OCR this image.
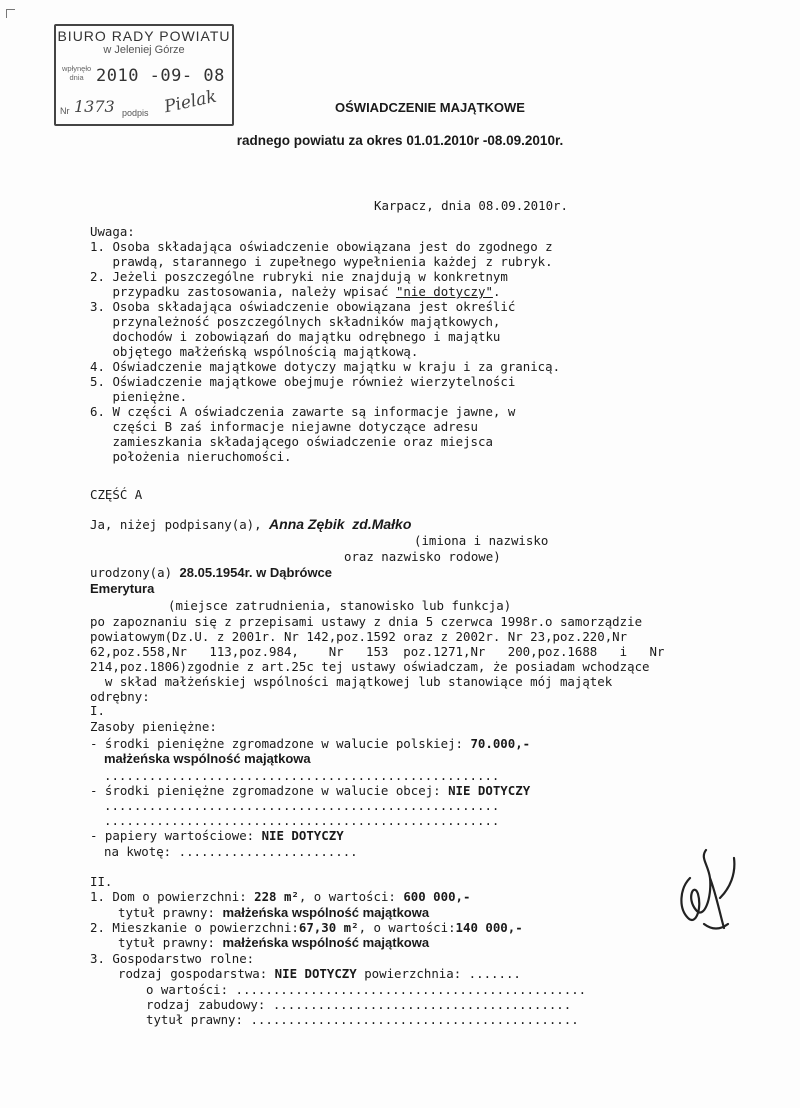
BIURO RADY POWIATU
w Jeleniej Górze
wpłynęło
dnia 2010 -09- 08
Nr 1373 podpis Pielak	OŚWIADCZENIE MAJĄTKOWE
radnego powiatu za okres 01.01.2010r -08.09.2010r.
Karpacz, dnia 08.09.2010r.
Uwaga:
1. Osoba składająca oświadczenie obowiązana jest do zgodnego z
prawdą, starannego i zupełnego wypełnienia każdej z rubryk.
2. Jeżeli poszczególne rubryki nie znajdują w konkretnym
przypadku zastosowania, należy wpisać "nie dotyczy".
3. Osoba składająca oświadczenie obowiązana jest określić
przynależność poszczególnych składników majątkowych,
dochodów i zobowiązań do majątku odrębnego i majątku
objętego małżeńską wspólnością majątkową.
4. Oświadczenie majątkowe dotyczy majątku w kraju i za granicą.
5. Oświadczenie majątkowe obejmuje również wierzytelności
pieniężne.
6. W części A oświadczenia zawarte są informacje jawne, w
części B zaś informacje niejawne dotyczące adresu
zamieszkania składającego oświadczenie oraz miejsca
położenia nieruchomości.
CZĘŚĆ A
Ja, niżej podpisany(a), Anna Zębik  zd.Małko
(imiona i nazwisko
oraz nazwisko rodowe)
urodzony(a) 28.05.1954r. w Dąbrówce
Emerytura
(miejsce zatrudnienia, stanowisko lub funkcja)
po zapoznaniu się z przepisami ustawy z dnia 5 czerwca 1998r.o samorządzie
powiatowym(Dz.U. z 2001r. Nr 142,poz.1592 oraz z 2002r. Nr 23,poz.220,Nr
62,poz.558,Nr   113,poz.984,    Nr   153  poz.1271,Nr   200,poz.1688   i   Nr
214,poz.1806)zgodnie z art.25c tej ustawy oświadczam, że posiadam wchodzące
w skład małżeńskiej wspólności majątkowej lub stanowiące mój majątek
odrębny:
I.
Zasoby pieniężne:
- środki pieniężne zgromadzone w walucie polskiej: 70.000,-
małżeńska wspólność majątkowa
.....................................................
- środki pieniężne zgromadzone w walucie obcej: NIE DOTYCZY
.....................................................
.....................................................
- papiery wartościowe: NIE DOTYCZY
na kwotę: ........................
II.
1. Dom o powierzchni: 228 m², o wartości: 600 000,-
tytuł prawny: małżeńska wspólność majątkowa
2. Mieszkanie o powierzchni:67,30 m², o wartości:140 000,-
tytuł prawny: małżeńska wspólność majątkowa
3. Gospodarstwo rolne:
rodzaj gospodarstwa: NIE DOTYCZY powierzchnia: .......
o wartości: ...............................................
rodzaj zabudowy: ........................................
tytuł prawny: ............................................
